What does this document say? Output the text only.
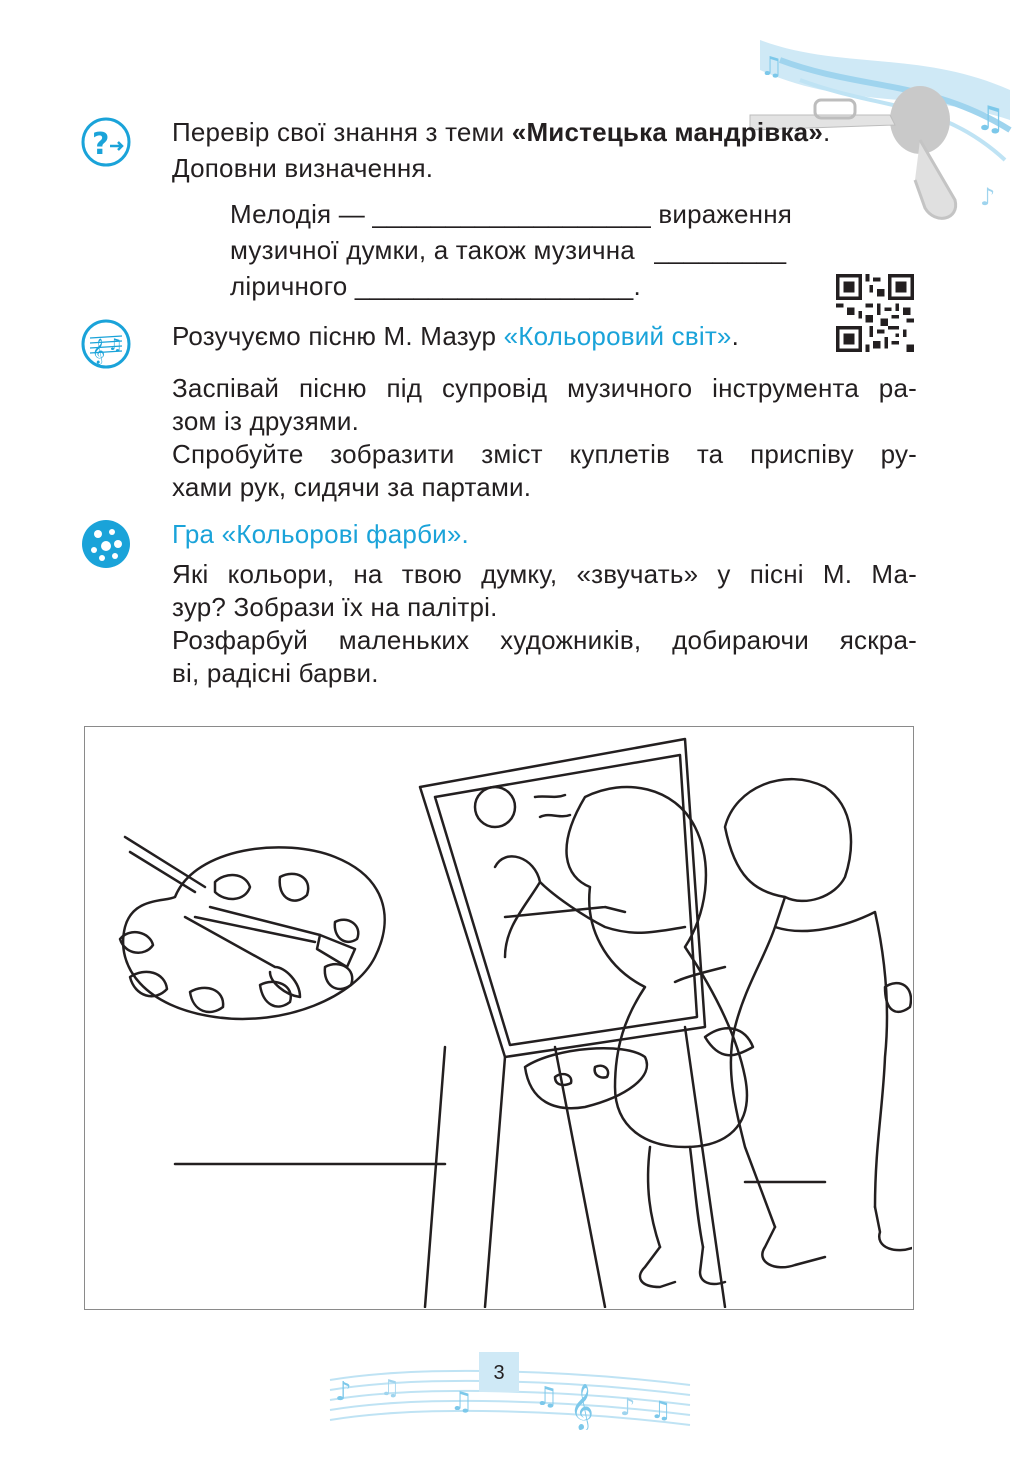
♫
♫
♪
? Перевір свої знання з теми «Мистецька мандрівка».
Доповни визначення.
Мелодія — ___________________ вираження
музичної думки, а також музична _________
ліричного ___________________.
𝄞 ♫ Розучуємо пісню М. Мазур «Кольоровий світ».
Заспівай пісню під супровід музичного інструмента ра-
зом із друзями.
Спробуйте зобразити зміст куплетів та приспіву ру-
хами рук, сидячи за партами.
Гра «Кольорові фарби».
Які кольори, на твою думку, «звучать» у пісні М. Ма-
зур? Зобрази їх на палітрі.
Розфарбуй маленьких художників, добираючи яскра-
ві, радісні барви.
♪ ♫ ♫ ♫ 𝄞 ♪ ♫
3
